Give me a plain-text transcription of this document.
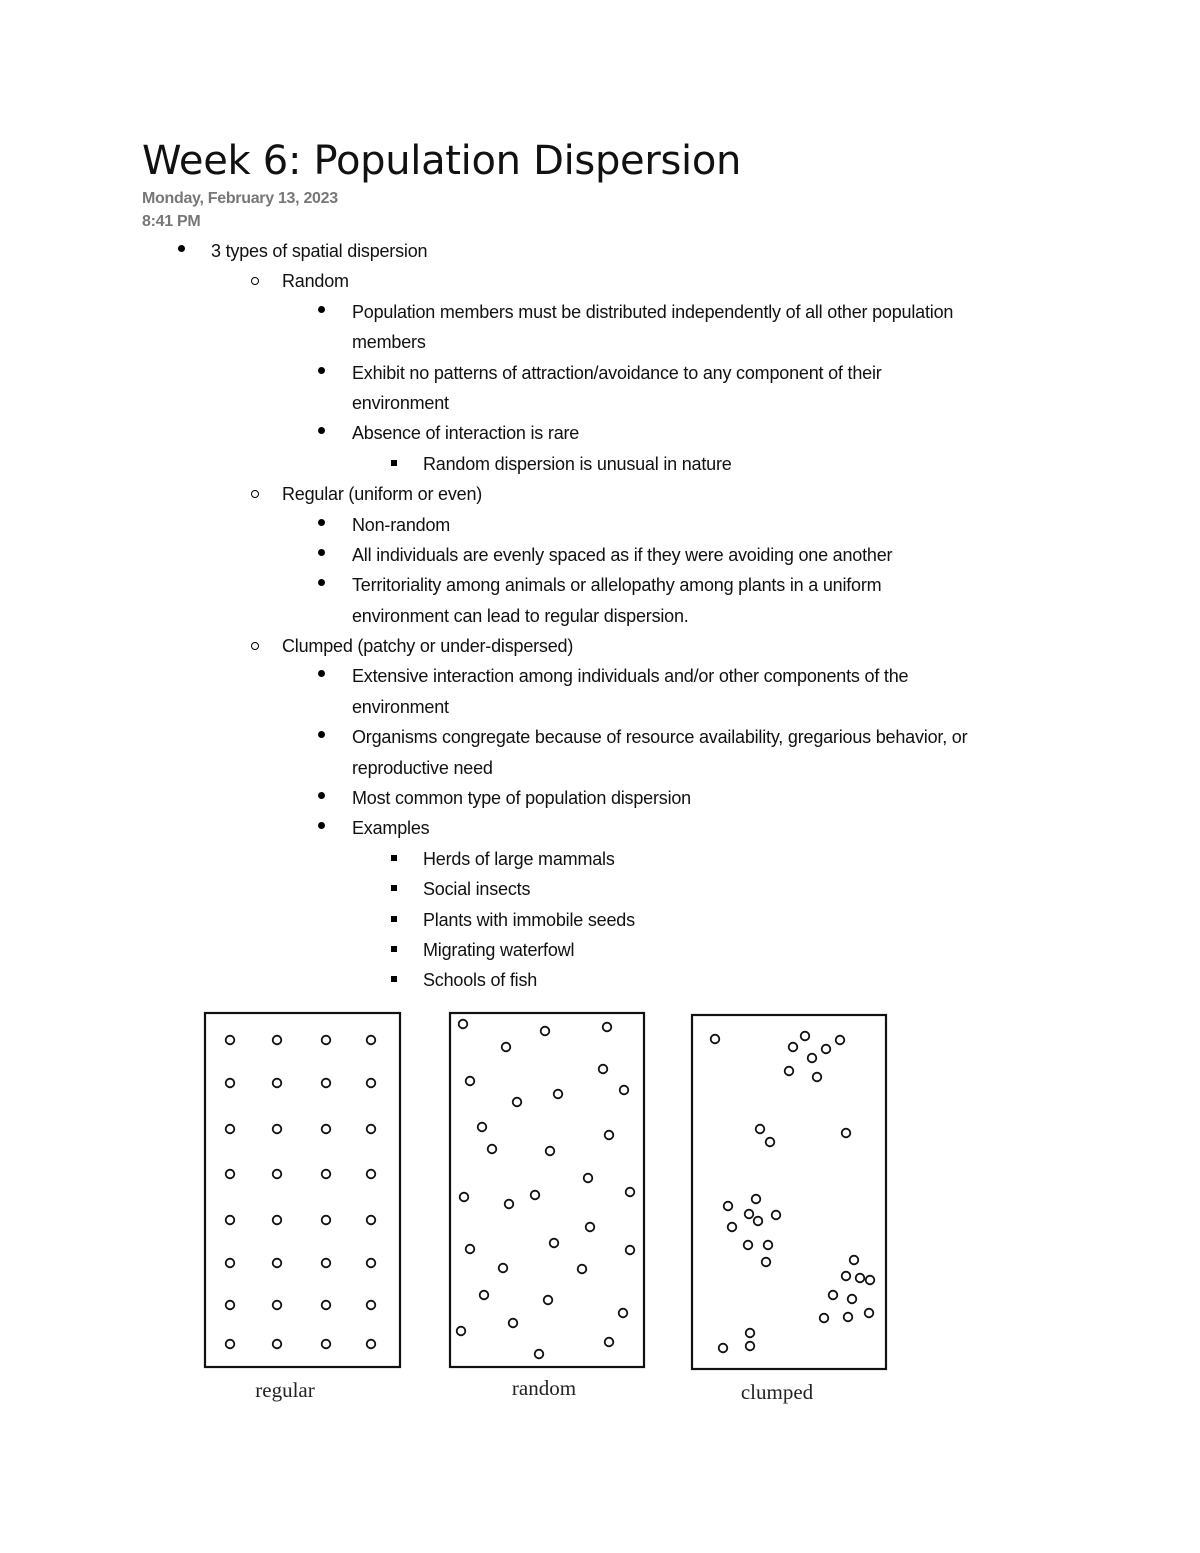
Week 6: Population Dispersion
Monday, February 13, 2023
8:41 PM
3 types of spatial dispersion
Random
Population members must be distributed independently of all other population
members
Exhibit no patterns of attraction/avoidance to any component of their
environment
Absence of interaction is rare
Random dispersion is unusual in nature
Regular (uniform or even)
Non-random
All individuals are evenly spaced as if they were avoiding one another
Territoriality among animals or allelopathy among plants in a uniform
environment can lead to regular dispersion.
Clumped (patchy or under-dispersed)
Extensive interaction among individuals and/or other components of the
environment
Organisms congregate because of resource availability, gregarious behavior, or
reproductive need
Most common type of population dispersion
Examples
Herds of large mammals
Social insects
Plants with immobile seeds
Migrating waterfowl
Schools of fish
regular	random	clumped
